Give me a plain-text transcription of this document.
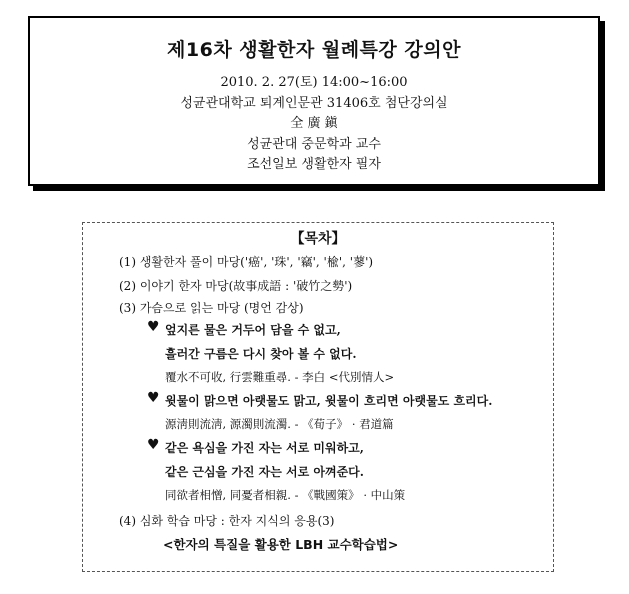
제16차 생활한자 월례특강 강의안
2010. 2. 27(토) 14:00~16:00
성균관대학교 퇴계인문관 31406호 첨단강의실
全 廣 鎭
성균관대 중문학과 교수
조선일보 생활한자 필자
【목차】
(1) 생활한자 풀이 마당('癌', '珠', '竊', '楡', '蓼')
(2) 이야기 한자 마당(故事成語 : '破竹之勢')
(3) 가슴으로 읽는 마당 (명언 감상)
♥ 엎지른 물은 거두어 담을 수 없고,
흘러간 구름은 다시 찾아 볼 수 없다.
覆水不可收, 行雲難重尋. - 李白 <代別情人>
♥ 윗물이 맑으면 아랫물도 맑고, 윗물이 흐리면 아랫물도 흐리다.
源淸則流淸, 源濁則流濁. - 《荀子》 · 君道篇
♥ 같은 욕심을 가진 자는 서로 미워하고,
같은 근심을 가진 자는 서로 아껴준다.
同欲者相憎, 同憂者相親. - 《戰國策》 · 中山策
(4) 심화 학습 마당 : 한자 지식의 응용(3)
<한자의 특질을 활용한 LBH 교수학습법>
